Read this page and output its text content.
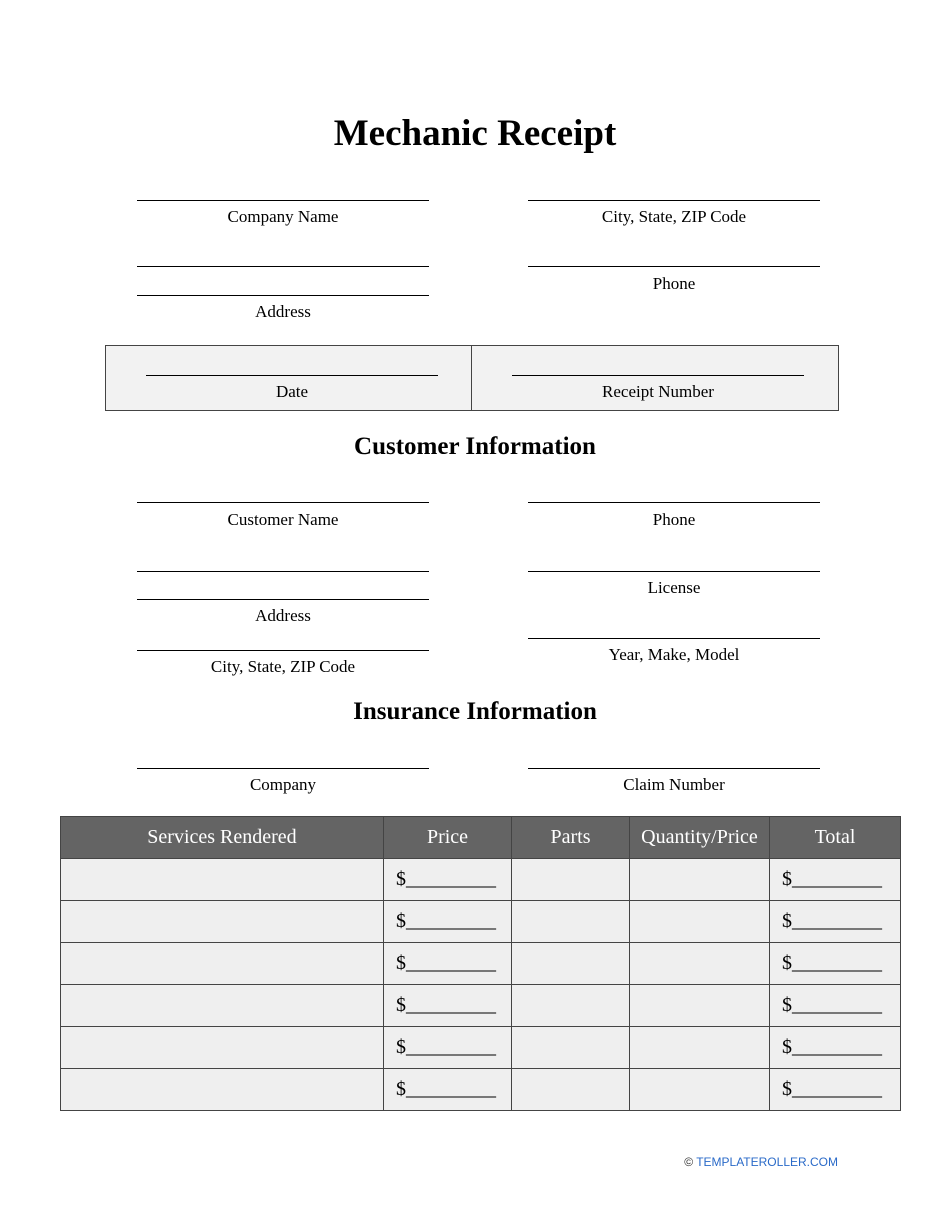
Mechanic Receipt
Company Name	City, State, ZIP Code
Address
Phone
Date	Receipt Number
Customer Information
Customer Name	Phone
Address
License
City, State, ZIP Code
Year, Make, Model
Insurance Information
Company	Claim Number
Services Rendered	Price	Parts	Quantity/Price	Total
	$_________			$_________
	$_________			$_________
	$_________			$_________
	$_________			$_________
	$_________			$_________
	$_________			$_________
© TEMPLATEROLLER.COM
